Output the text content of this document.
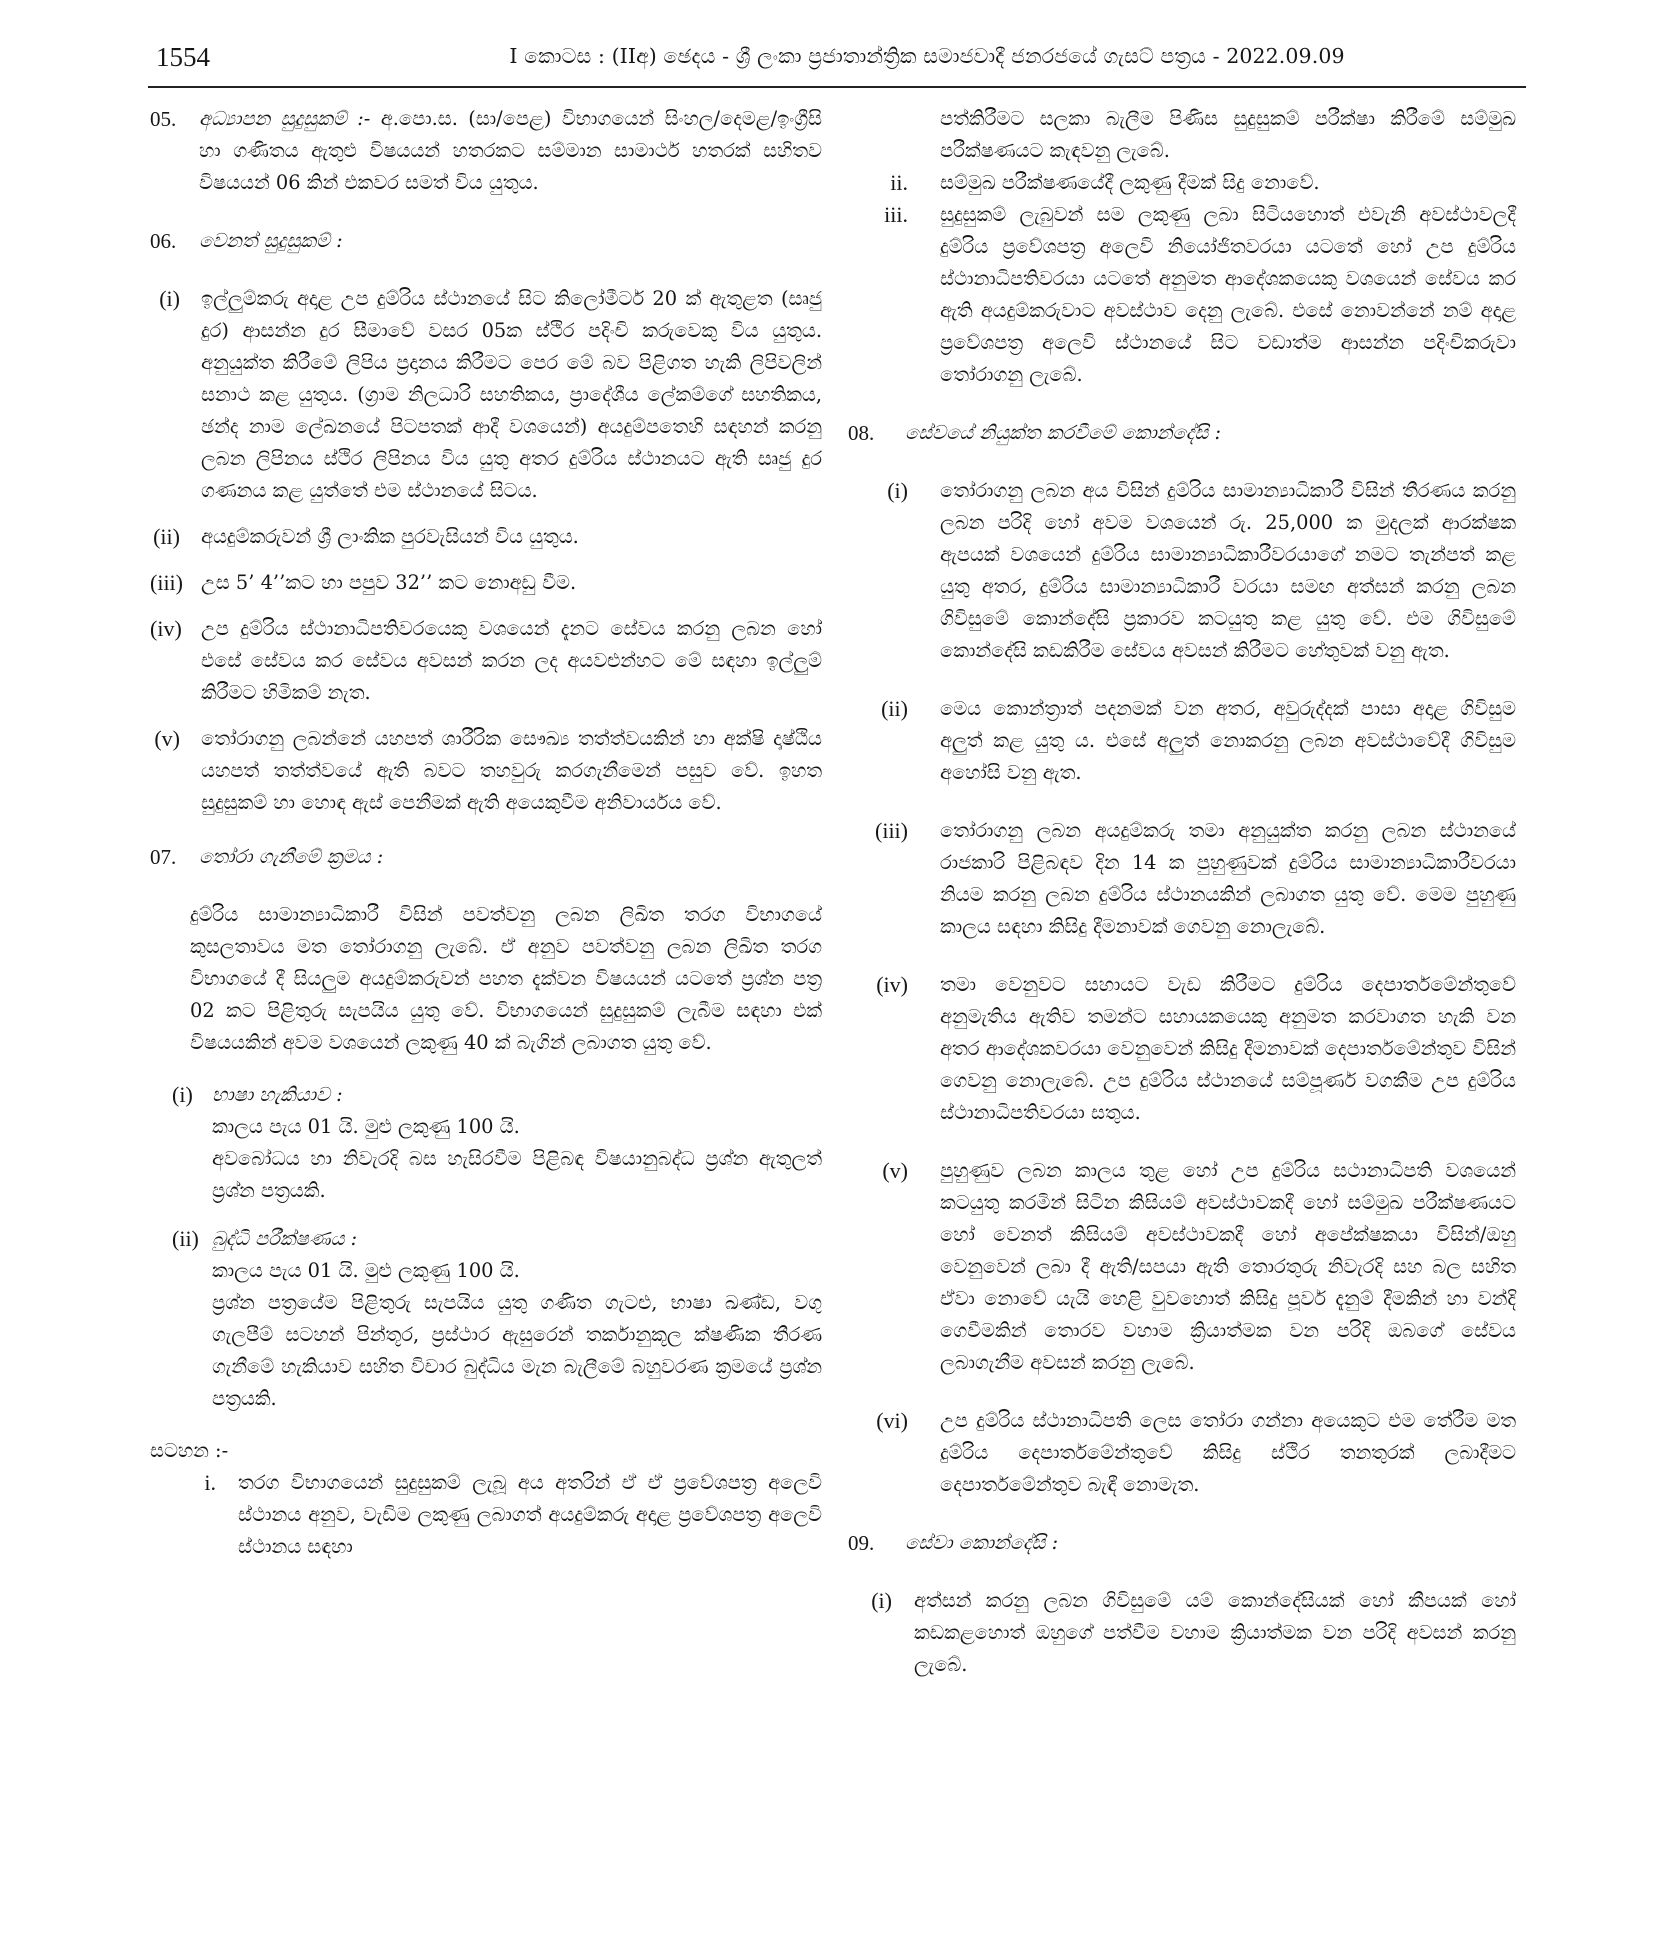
1554	I කොටස : (IIඅ) ඡෙදය - ශ්‍රී ලංකා ප්‍රජාතාන්ත්‍රික සමාජවාදී ජනරජයේ ගැසට් පත්‍රය - 2022.09.09
05.	අධ්‍යාපන සුදුසුකම් :- අ.පො.ස. (සා/පෙළ) විභාගයෙන් සිංහල/දෙමළ/ඉංග්‍රීසි හා ගණිතය ඇතුළු විෂයයන් හතරකට සම්මාන සාමාර්ථ හතරක් සහිතව විෂයයන් 06 කින් එකවර සමත් විය යුතුය.
06.	වෙනත් සුදුසුකම් :
(i) ඉල්ලුම්කරු අදාළ උප දුම්රිය ස්ථානයේ සිට කිලෝමීටර් 20 ක් ඇතුළත (සෘජු දුර) ආසන්න දුර සීමාවේ වසර 05ක ස්ථිර පදිංචි කරුවෙකු විය යුතුය. අනුයුක්ත කිරීමේ ලිපිය ප්‍රදානය කිරීමට පෙර මේ බව පිළිගත හැකි ලිපිවලින් සනාථ කළ යුතුය. (ග්‍රාම නිලධාරි සහතිකය, ප්‍රාදේශීය ලේකම්ගේ සහතිකය, ඡන්ද නාම ලේඛනයේ පිටපතක් ආදී වශයෙන්) අයදුම්පතෙහි සඳහන් කරනු ලබන ලිපිනය ස්ථිර ලිපිනය විය යුතු අතර දුම්රිය ස්ථානයට ඇති සෘජු දුර ගණනය කළ යුත්තේ එම ස්ථානයේ සිටය.
(ii) අයදුම්කරුවන් ශ්‍රී ලාංකික පුරවැසියන් විය යුතුය.
(iii) උස 5’ 4’’කට හා පපුව 32’’ කට නොඅඩු වීම.
(iv) උප දුම්රිය ස්ථානාධිපතිවරයෙකු වශයෙන් දැනට සේවය කරනු ලබන හෝ එසේ සේවය කර සේවය අවසන් කරන ලද අයවළුන්හට මේ සඳහා ඉල්ලුම් කිරීමට හිමිකම් නැත.
(v) තෝරාගනු ලබන්නේ යහපත් ශාරීරික සෞඛ්‍ය තත්ත්වයකින් හා අක්ෂි දෘෂ්ඨිය යහපත් තත්ත්වයේ ඇති බවට තහවුරු කරගැනීමෙන් පසුව වේ. ඉහත සුදුසුකම් හා හොඳ ඇස් පෙනීමක් ඇති අයෙකුවීම අනිවාර්යය වේ.
07.	තෝරා ගැනීමේ ක්‍රමය :

දුම්රිය සාමාන්‍යාධිකාරී විසින් පවත්වනු ලබන ලිඛිත තරග විභාගයේ කුසලතාවය මත තෝරාගනු ලැබේ. ඒ අනුව පවත්වනු ලබන ලිඛිත තරග විභාගයේ දී සියලුම අයදුම්කරුවන් පහත දැක්වන විෂයයන් යටතේ ප්‍රශ්න පත්‍ර 02 කට පිළිතුරු සැපයිය යුතු වේ. විභාගයෙන් සුදුසුකම් ලැබීම සඳහා එක් විෂයයකින් අවම වශයෙන් ලකුණු 40 ක් බැගින් ලබාගත යුතු වේ.

(i) භාෂා හැකියාව :
කාලය පැය 01 යි. මුළු ලකුණු 100 යි.
අවබෝධය හා නිවැරදි බස හැසිරවීම පිළිබඳ විෂයානුබද්ධ ප්‍රශ්න ඇතුලත් ප්‍රශ්න පත්‍රයකි.
(ii) බුද්ධි පරීක්ෂණය :
කාලය පැය 01 යි. මුළු ලකුණු 100 යි.
ප්‍රශ්න පත්‍රයේම පිළිතුරු සැපයිය යුතු ගණිත ගැටළු, භාෂා ඛණ්ඩ, වගු ගැලපීම් සටහන් පින්තූර, ප්‍රස්ථාර ඇසුරෙන් තර්කානුකූල ක්ෂණික තීරණ ගැනීමේ හැකියාව සහිත විචාර බුද්ධිය මැන බැලීමේ බහුවරණ ක්‍රමයේ ප්‍රශ්න පත්‍රයකි.
සටහන :-
i. තරග විභාගයෙන් සුදුසුකම් ලැබූ අය අතරින් ඒ ඒ ප්‍රවේශපත්‍ර අලෙවි ස්ථානය අනුව, වැඩිම ලකුණු ලබාගත් අයදුම්කරු අදාළ ප්‍රවේශපත්‍ර අලෙවි ස්ථානය සඳහා

පත්කිරීමට සලකා බැලීම පිණිස සුදුසුකම් පරීක්ෂා කිරීමේ සම්මුඛ පරීක්ෂණයට කැඳවනු ලැබේ.

ii. සම්මුඛ පරීක්ෂණයේදී ලකුණු දීමක් සිදු නොවේ.
iii. සුදුසුකම් ලැබුවන් සම ලකුණු ලබා සිටියහොත් එවැනි අවස්ථාවලදී දුම්රිය ප්‍රවේශපත්‍ර අලෙවි නියෝජිතවරයා යටතේ හෝ උප දුම්රිය ස්ථානාධිපතිවරයා යටතේ අනුමත ආදේශකයෙකු වශයෙන් සේවය කර ඇති අයදුම්කරුවාට අවස්ථාව දෙනු ලැබේ. එසේ නොවන්නේ නම් අදාළ ප්‍රවේශපත්‍ර අලෙවි ස්ථානයේ සිට වඩාත්ම ආසන්න පදිංචිකරුවා තෝරාගනු ලැබේ.
08.	සේවයේ නියුක්ත කරවීමේ කොන්දේසි :
(i) තෝරාගනු ලබන අය විසින් දුම්රිය සාමාන්‍යාධිකාරී විසින් තීරණය කරනු ලබන පරිදි හෝ අවම වශයෙන් රු. 25,000 ක මුදලක් ආරක්ෂක ඇපයක් වශයෙන් දුම්රිය සාමාන්‍යාධිකාරීවරයාගේ නමට තැන්පත් කළ යුතු අතර, දුම්රිය සාමාන්‍යාධිකාරී වරයා සමඟ අත්සන් කරනු ලබන ගිවිසුමේ කොන්දේසි ප්‍රකාරව කටයුතු කළ යුතු වේ. එම ගිවිසුමේ කොන්දේසි කඩකිරීම සේවය අවසන් කිරීමට හේතුවක් වනු ඇත.
(ii) මෙය කොන්ත්‍රාත් පදනමක් වන අතර, අවුරුද්දක් පාසා අදාළ ගිවිසුම අලුත් කළ යුතු ය. එසේ අලුත් නොකරනු ලබන අවස්ථාවේදී ගිවිසුම අහෝසි වනු ඇත.
(iii) තෝරාගනු ලබන අයදුම්කරු තමා අනුයුක්ත කරනු ලබන ස්ථානයේ රාජකාරි පිළිබඳව දින 14 ක පුහුණුවක් දුම්රිය සාමාන්‍යාධිකාරීවරයා නියම කරනු ලබන දුම්රිය ස්ථානයකින් ලබාගත යුතු වේ. මෙම පුහුණු කාලය සඳහා කිසිදු දීමනාවක් ගෙවනු නොලැබේ.
(iv) තමා වෙනුවට සහායට වැඩ කිරීමට දුම්රිය දෙපාර්තමේන්තුවේ අනුමැතිය ඇතිව තමන්ට සහායකයෙකු අනුමත කරවාගත හැකි වන අතර ආදේශකවරයා වෙනුවෙන් කිසිදු දීමනාවක් දෙපාර්තමේන්තුව විසින් ගෙවනු නොලැබේ. උප දුම්රිය ස්ථානයේ සම්පූර්ණ වගකීම උප දුම්රිය ස්ථානාධිපතිවරයා සතුය.
(v) පුහුණුව ලබන කාලය තුළ හෝ උප දුම්රිය සථානාධිපති වශයෙන් කටයුතු කරමින් සිටින කිසියම් අවස්ථාවකදී හෝ සම්මුඛ පරීක්ෂණයට හෝ වෙනත් කිසියම් අවස්ථාවකදී හෝ අපේක්ෂකයා විසින්/ඔහු වෙනුවෙන් ලබා දී ඇති/සපයා ඇති තොරතුරු නිවැරදි සහ බල සහිත ඒවා නොවේ යැයි හෙළි වුවහොත් කිසිදු පූර්ව දැනුම් දීමකින් හා වන්දි ගෙවීමකින් තොරව වහාම ක්‍රියාත්මක වන පරිදි ඔබගේ සේවය ලබාගැනීම අවසන් කරනු ලැබේ.
(vi) උප දුම්රිය ස්ථානාධිපති ලෙස තෝරා ගන්නා අයෙකුට එම තේරීම මත දුම්රිය දෙපාර්තමේන්තුවේ කිසිදු ස්ථිර තනතුරක් ලබාදීමට දෙපාර්තමේන්තුව බැඳී නොමැත.
09.	සේවා කොන්දේසි :
(i) අත්සන් කරනු ලබන ගිවිසුමේ යම් කොන්දේසියක් හෝ කීපයක් හෝ කඩකළහොත් ඔහුගේ පත්වීම වහාම ක්‍රියාත්මක වන පරිදි අවසන් කරනු ලැබේ.
